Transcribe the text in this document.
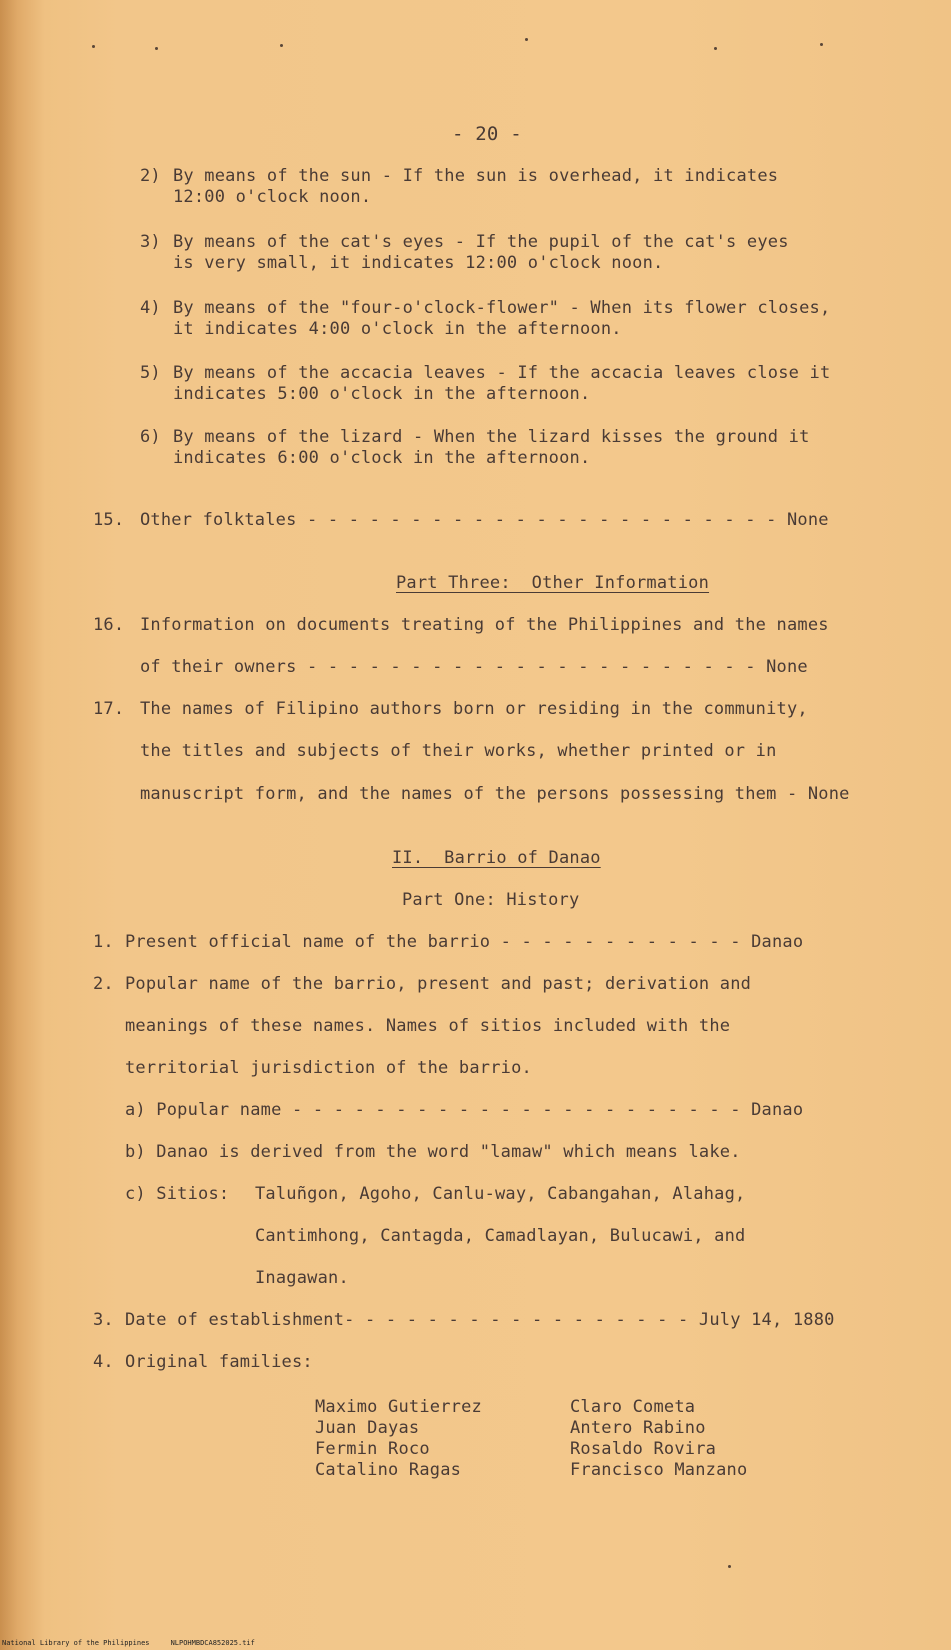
- 20 -
2) By means of the sun - If the sun is overhead, it indicates
12:00 o'clock noon.
3) By means of the cat's eyes - If the pupil of the cat's eyes
is very small, it indicates 12:00 o'clock noon.
4) By means of the "four-o'clock-flower" - When its flower closes,
it indicates 4:00 o'clock in the afternoon.
5) By means of the accacia leaves - If the accacia leaves close it
indicates 5:00 o'clock in the afternoon.
6) By means of the lizard - When the lizard kisses the ground it
indicates 6:00 o'clock in the afternoon.
15. Other folktales - - - - - - - - - - - - - - - - - - - - - - - None
Part Three:  Other Information
16. Information on documents treating of the Philippines and the names
of their owners - - - - - - - - - - - - - - - - - - - - - - None
17. The names of Filipino authors born or residing in the community,
the titles and subjects of their works, whether printed or in
manuscript form, and the names of the persons possessing them - None
II.  Barrio of Danao
Part One: History
1. Present official name of the barrio - - - - - - - - - - - - Danao
2. Popular name of the barrio, present and past; derivation and
meanings of these names. Names of sitios included with the
territorial jurisdiction of the barrio.
a) Popular name - - - - - - - - - - - - - - - - - - - - - - Danao
b) Danao is derived from the word "lamaw" which means lake.
c) Sitios: Taluñgon, Agoho, Canlu-way, Cabangahan, Alahag,
Cantimhong, Cantagda, Camadlayan, Bulucawi, and
Inagawan.
3. Date of establishment- - - - - - - - - - - - - - - - - July 14, 1880
4. Original families:
Maximo Gutierrez
Juan Dayas
Fermin Roco
Catalino Ragas
Claro Cometa
Antero Rabino
Rosaldo Rovira
Francisco Manzano
National Library of the Philippines     NLPOHMBDCA852025.tif
